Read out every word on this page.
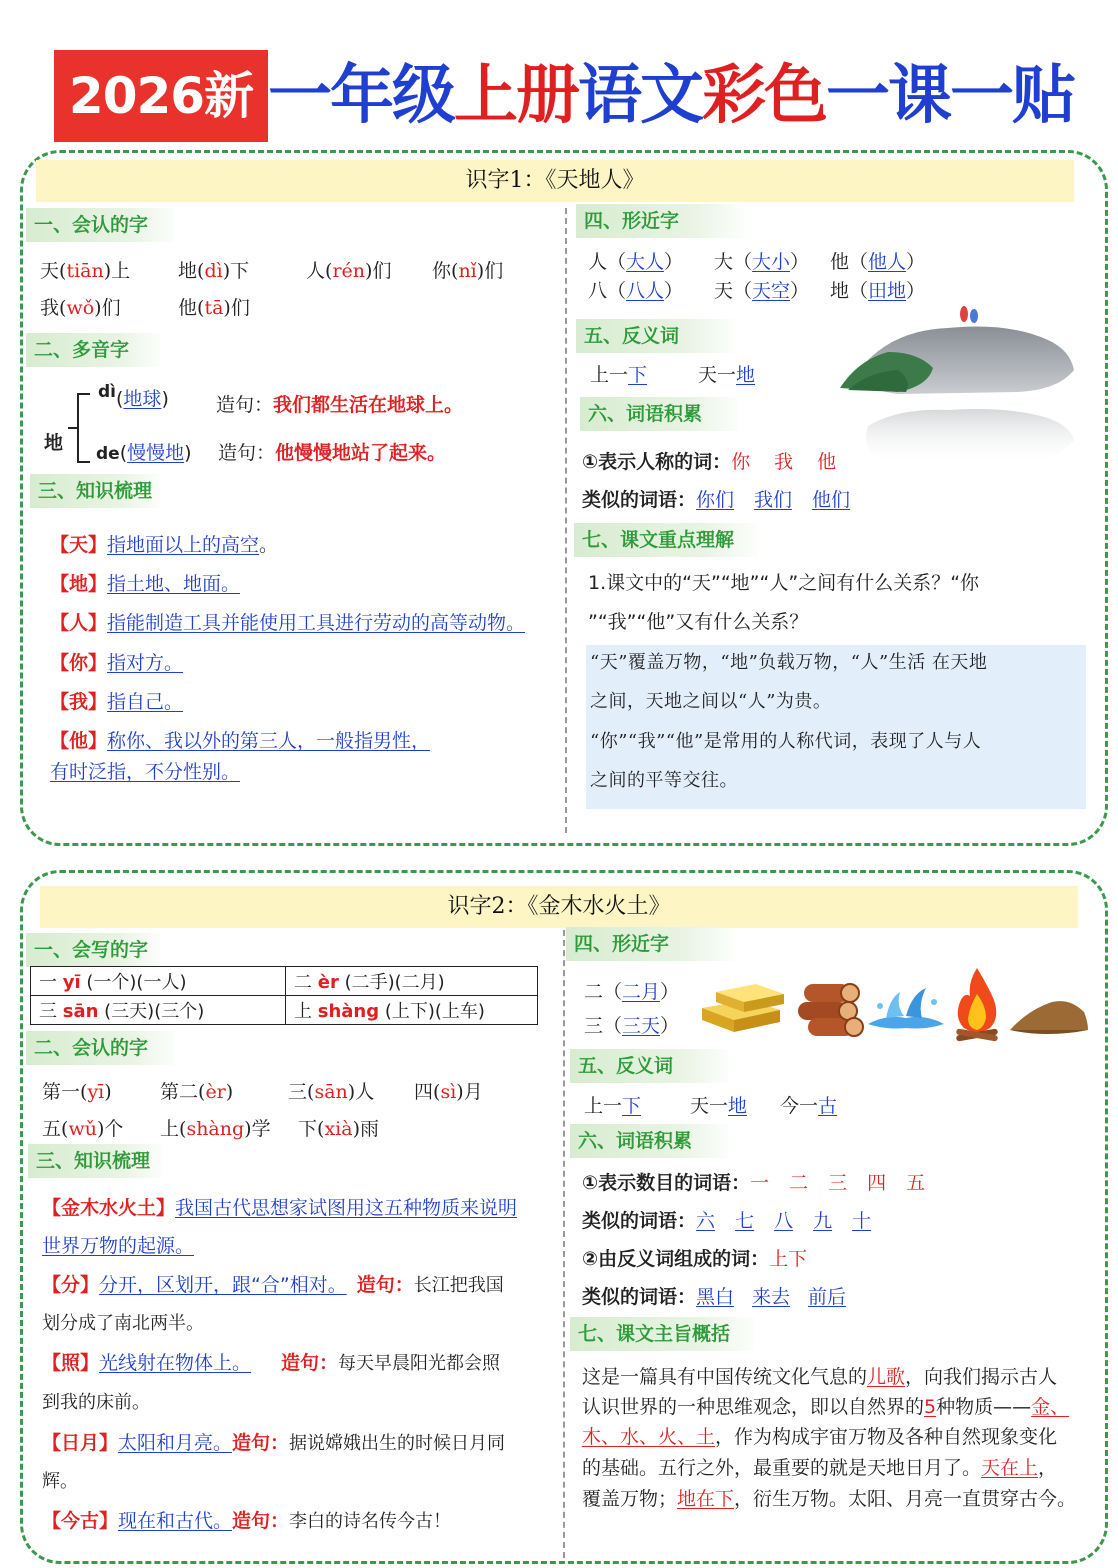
2026新 一年级上册语文彩色一课一贴
识字1：《天地人》
一、会认的字
天(tiān)上	地(dì)下	人(rén)们 你(nǐ)们
我(wǒ)们	他(tā)们
二、多音字
地
dì(地球) 造句：我们都生活在地球上。
de(慢慢地) 造句：他慢慢地站了起来。
三、知识梳理
【天】指地面以上的高空。
【地】指土地、地面。
【人】指能制造工具并能使用工具进行劳动的高等动物。
【你】指对方。
【我】指自己。
【他】称你、我以外的第三人，一般指男性，
有时泛指，不分性别。
四、形近字
人（大人） 大（大小） 他（他人）
八（八人） 天（天空） 地（田地）
五、反义词
上一下	天一地
六、词语积累
①表示人称的词：你 我 他
类似的词语：你们 我们 他们
七、课文重点理解
1.课文中的“天”“地”“人”之间有什么关系？“你
”“我”“他”又有什么关系？
“天”覆盖万物，“地”负载万物，“人”生活 在天地
之间，天地之间以“人”为贵。
“你”“我”“他”是常用的人称代词，表现了人与人
之间的平等交往。
识字2：《金木水火土》
一、会写的字
一 yī (一个)(一人)	二 èr (二手)(二月)
三 sān (三天)(三个)	上 shàng (上下)(上车)
二、会认的字
第一(yī)	第二(èr)	三(sān)人 四(sì)月
五(wǔ)个 上(shàng)学 下(xià)雨
三、知识梳理
【金木水火土】我国古代思想家试图用这五种物质来说明
世界万物的起源。
【分】分开，区划开，跟“合”相对。 造句：长江把我国
划分成了南北两半。
【照】光线射在物体上。 造句：每天早晨阳光都会照
到我的床前。
【日月】太阳和月亮。造句：据说嫦娥出生的时候日月同
辉。
【今古】现在和古代。造句：李白的诗名传今古！
四、形近字
二（二月）
三（三天）
五、反义词
上一下	天一地 今一古
六、词语积累
①表示数目的词语：一 二 三 四 五
类似的词语：六 七 八 九 十
②由反义词组成的词：上下
类似的词语：黑白 来去 前后
七、课文主旨概括
这是一篇具有中国传统文化气息的儿歌，向我们揭示古人
认识世界的一种思维观念，即以自然界的5种物质——金、
木、水、火、土，作为构成宇宙万物及各种自然现象变化
的基础。五行之外，最重要的就是天地日月了。天在上，
覆盖万物；地在下，衍生万物。太阳、月亮一直贯穿古今。
